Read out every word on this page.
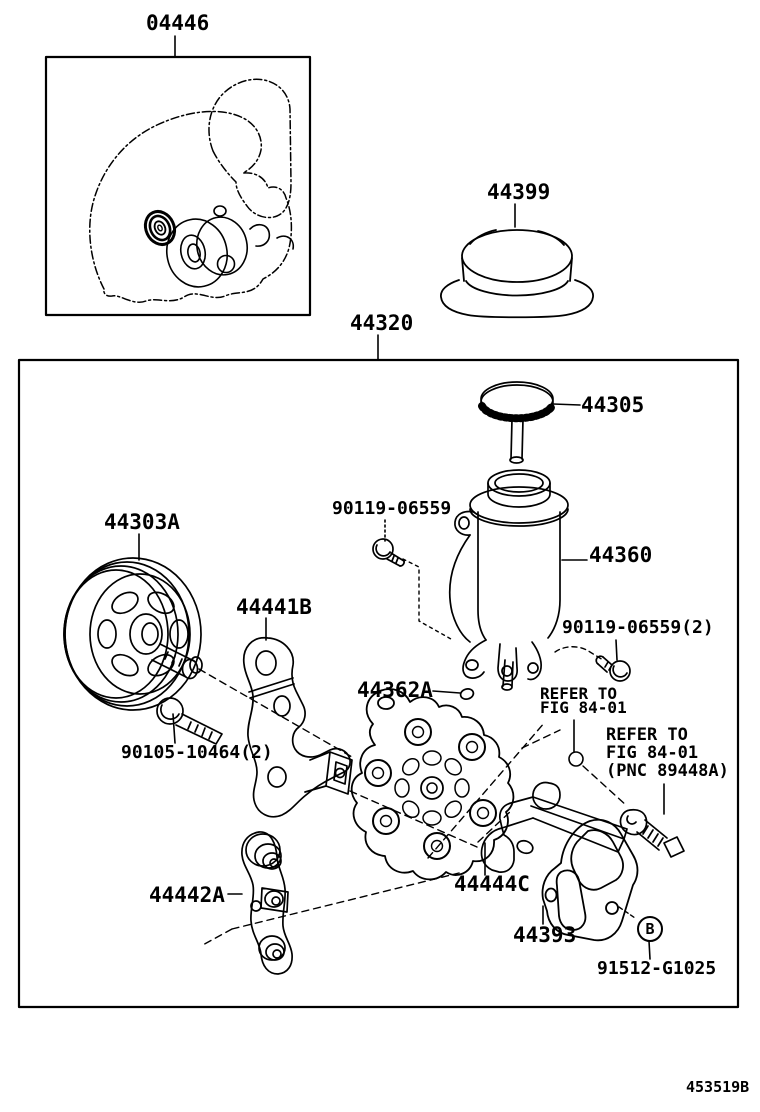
04446
44399
44320
44305
90119-06559
44360
44303A
44441B
90119-06559(2)
44362A
90105-10464(2)
44442A	44444C
44393
91512-G1025
REFER TO
FIG 84-01
REFER TO
FIG 84-01
(PNC 89448A)
B
453519B
